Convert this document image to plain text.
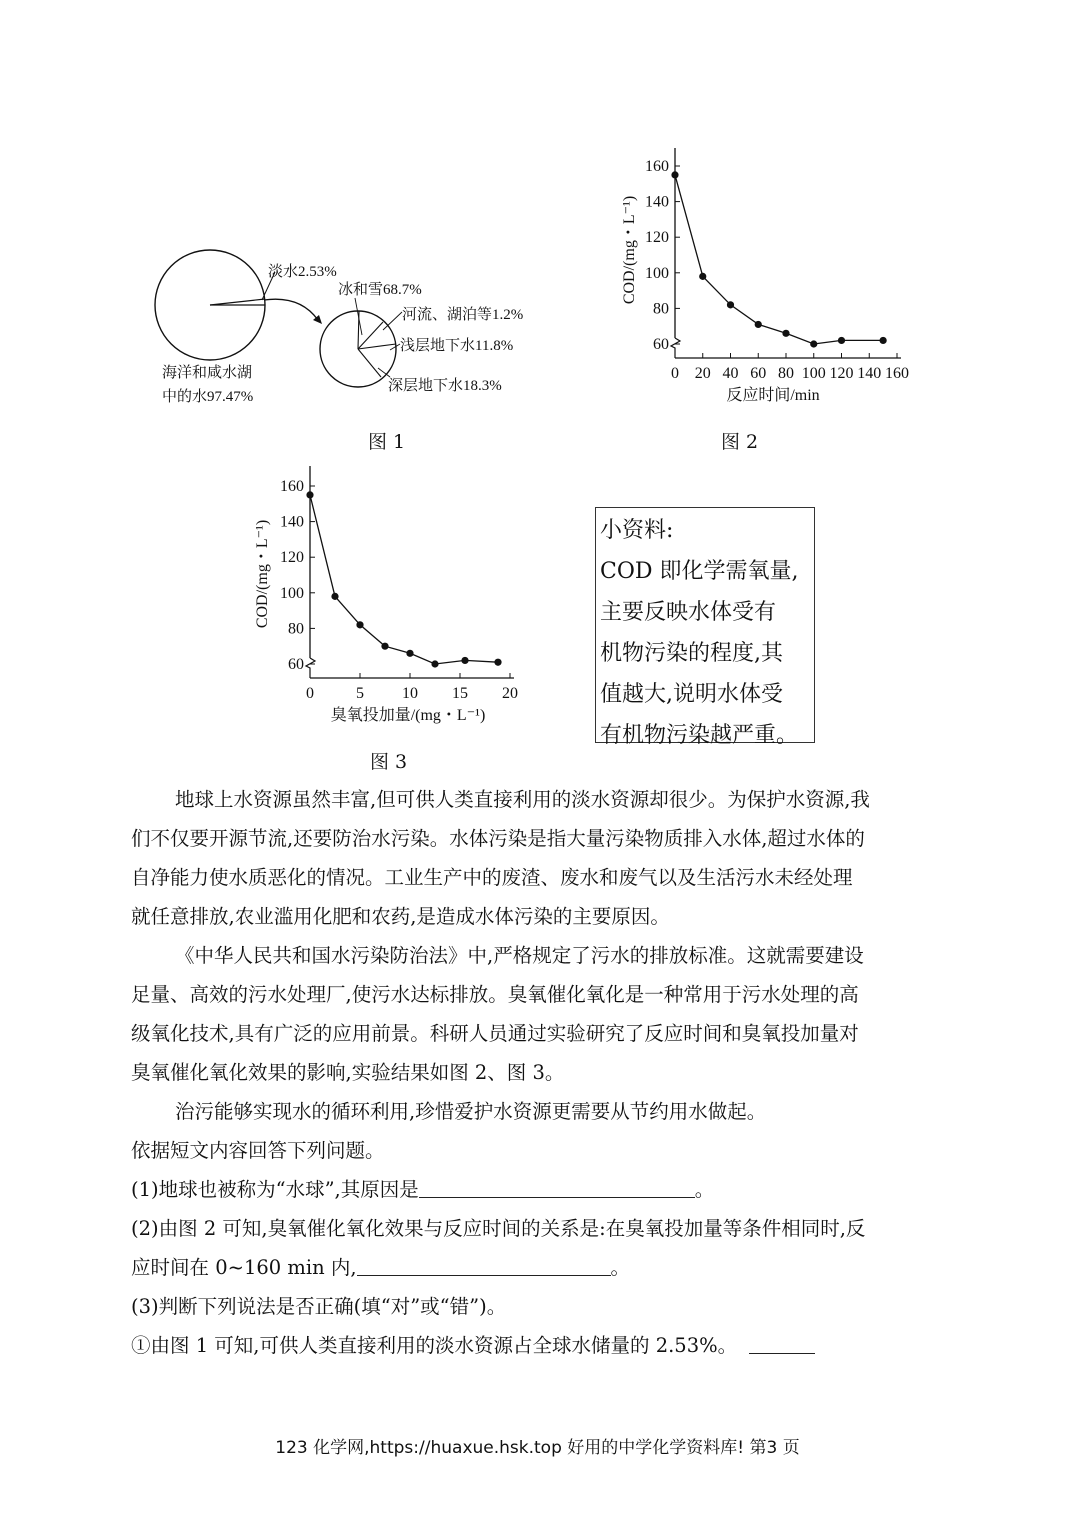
淡水2.53%
冰和雪68.7%
河流、湖泊等1.2%
浅层地下水11.8%
深层地下水18.3%
海洋和咸水湖
中的水97.47%
图 1
60
80
100
120
140
160
0 20 40 60 80 100 120 140 160
反应时间/min
COD/(mg・L⁻¹)
图 2
60
80
100
120
140
160
0	5 10 15 20
臭氧投加量/(mg・L⁻¹)
COD/(mg・L⁻¹)
图 3
小资料:
COD 即化学需氧量,
主要反映水体受有
机物污染的程度,其
值越大,说明水体受
有机物污染越严重。

地球上水资源虽然丰富,但可供人类直接利用的淡水资源却很少。为保护水资源,我

们不仅要开源节流,还要防治水污染。水体污染是指大量污染物质排入水体,超过水体的

自净能力使水质恶化的情况。工业生产中的废渣、废水和废气以及生活污水未经处理

就任意排放,农业滥用化肥和农药,是造成水体污染的主要原因。

《中华人民共和国水污染防治法》中,严格规定了污水的排放标准。这就需要建设

足量、高效的污水处理厂,使污水达标排放。臭氧催化氧化是一种常用于污水处理的高

级氧化技术,具有广泛的应用前景。科研人员通过实验研究了反应时间和臭氧投加量对

臭氧催化氧化效果的影响,实验结果如图 2、图 3。

治污能够实现水的循环利用,珍惜爱护水资源更需要从节约用水做起。

依据短文内容回答下列问题。

(1)地球也被称为“水球”,其原因是	。

(2)由图 2 可知,臭氧催化氧化效果与反应时间的关系是:在臭氧投加量等条件相同时,反

应时间在 0~160 min 内,	。

(3)判断下列说法是否正确(填“对”或“错”)。

①由图 1 可知,可供人类直接利用的淡水资源占全球水储量的 2.53%。

123 化学网,https://huaxue.hsk.top 好用的中学化学资料库! 第3 页
